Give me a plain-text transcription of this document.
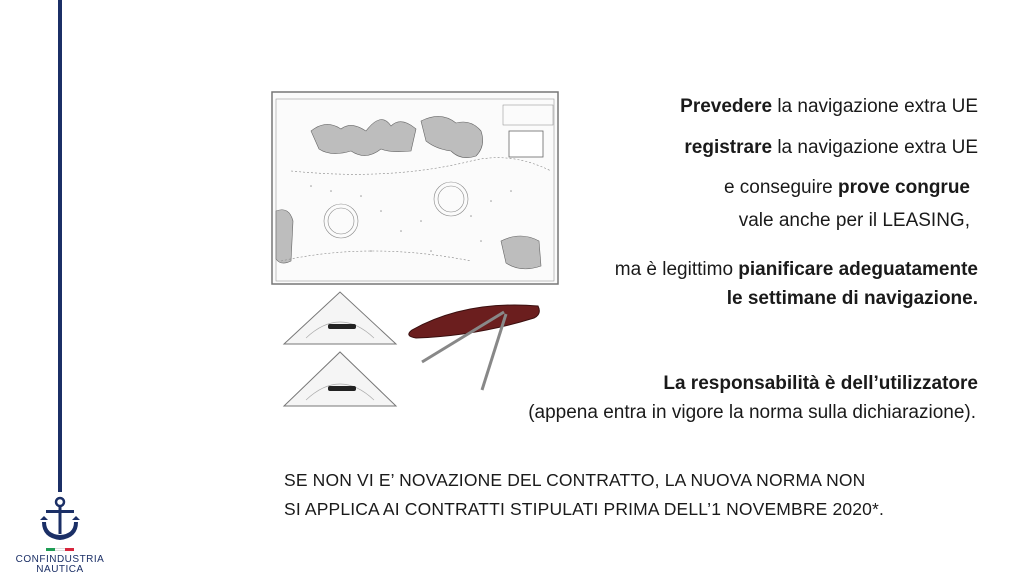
CONFINDUSTRIA
NAUTICA
Prevedere la navigazione extra UE
registrare la navigazione extra UE
e conseguire prove congrue
vale anche per il LEASING,
ma è legittimo pianificare adeguatamente
le settimane di navigazione.
La responsabilità è dell’utilizzatore
(appena entra in vigore la norma sulla dichiarazione).
SE NON VI E’ NOVAZIONE DEL CONTRATTO, LA NUOVA NORMA NON
SI APPLICA AI CONTRATTI STIPULATI PRIMA DELL’1 NOVEMBRE 2020*.
